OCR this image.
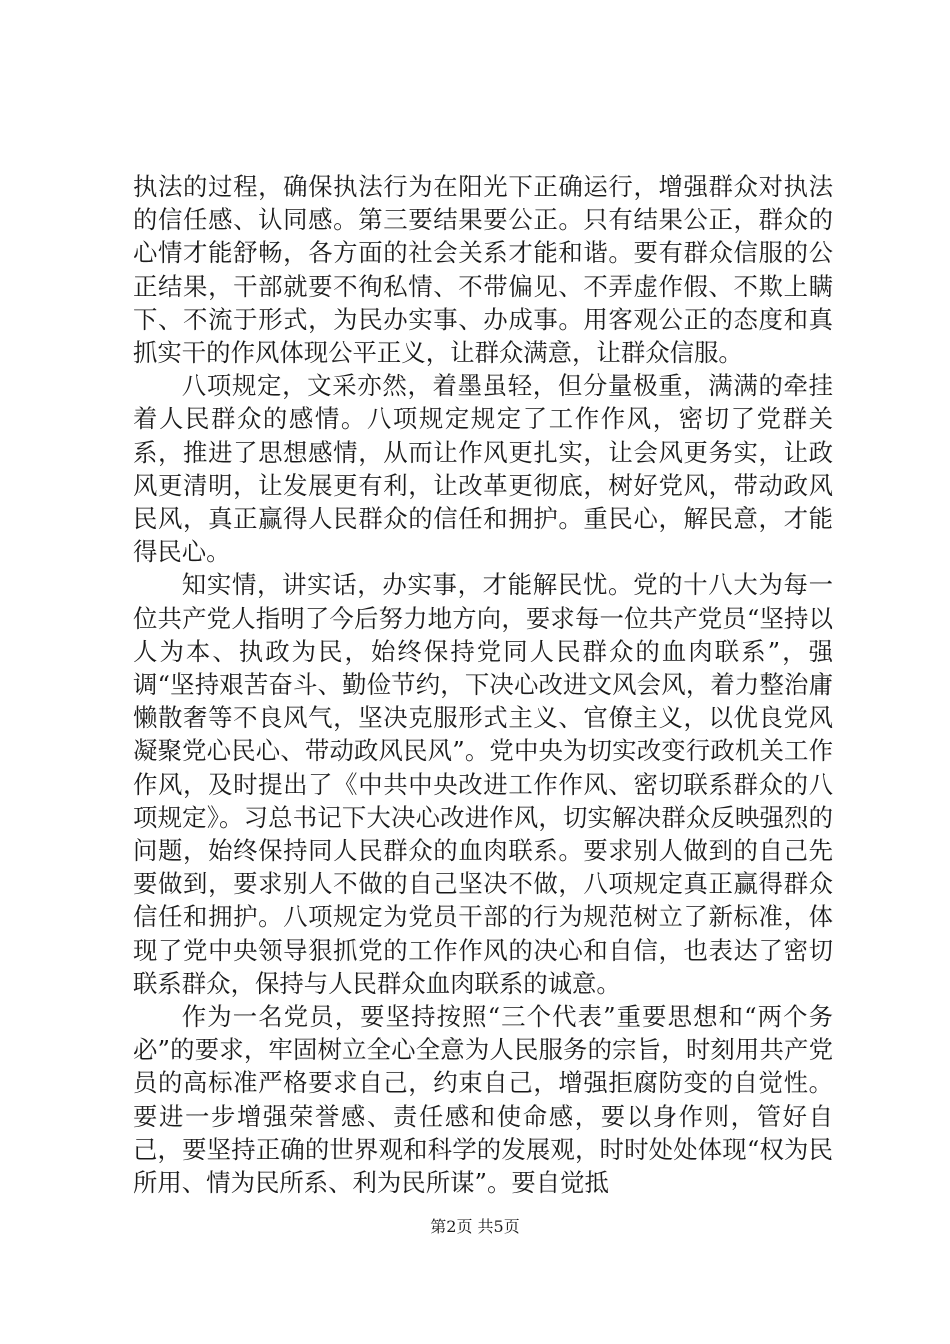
执法的过程，确保执法行为在阳光下正确运行，增强群众对执法的信任感、认同感。第三要结果要公正。只有结果公正，群众的心情才能舒畅，各方面的社会关系才能和谐。要有群众信服的公正结果，干部就要不徇私情、不带偏见、不弄虚作假、不欺上瞒下、不流于形式，为民办实事、办成事。用客观公正的态度和真抓实干的作风体现公平正义，让群众满意，让群众信服。

八项规定，文采亦然，着墨虽轻，但分量极重，满满的牵挂着人民群众的感情。八项规定规定了工作作风，密切了党群关系，推进了思想感情，从而让作风更扎实，让会风更务实，让政风更清明，让发展更有利，让改革更彻底，树好党风，带动政风民风，真正赢得人民群众的信任和拥护。重民心，解民意，才能得民心。

知实情，讲实话，办实事，才能解民忧。党的十八大为每一位共产党人指明了今后努力地方向，要求每一位共产党员“坚持以人为本、执政为民，始终保持党同人民群众的血肉联系”，强调“坚持艰苦奋斗、勤俭节约，下决心改进文风会风，着力整治庸懒散奢等不良风气，坚决克服形式主义、官僚主义，以优良党风凝聚党心民心、带动政风民风”。党中央为切实改变行政机关工作作风，及时提出了《中共中央改进工作作风、密切联系群众的八项规定》。习总书记下大决心改进作风，切实解决群众反映强烈的问题，始终保持同人民群众的血肉联系。要求别人做到的自己先要做到，要求别人不做的自己坚决不做，八项规定真正赢得群众信任和拥护。八项规定为党员干部的行为规范树立了新标准，体现了党中央领导狠抓党的工作作风的决心和自信，也表达了密切联系群众，保持与人民群众血肉联系的诚意。

作为一名党员，要坚持按照“三个代表”重要思想和“两个务必”的要求，牢固树立全心全意为人民服务的宗旨，时刻用共产党员的高标准严格要求自己，约束自己，增强拒腐防变的自觉性。要进一步增强荣誉感、责任感和使命感，要以身作则，管好自己，要坚持正确的世界观和科学的发展观，时时处处体现“权为民所用、情为民所系、利为民所谋”。要自觉抵

第2页 共5页
